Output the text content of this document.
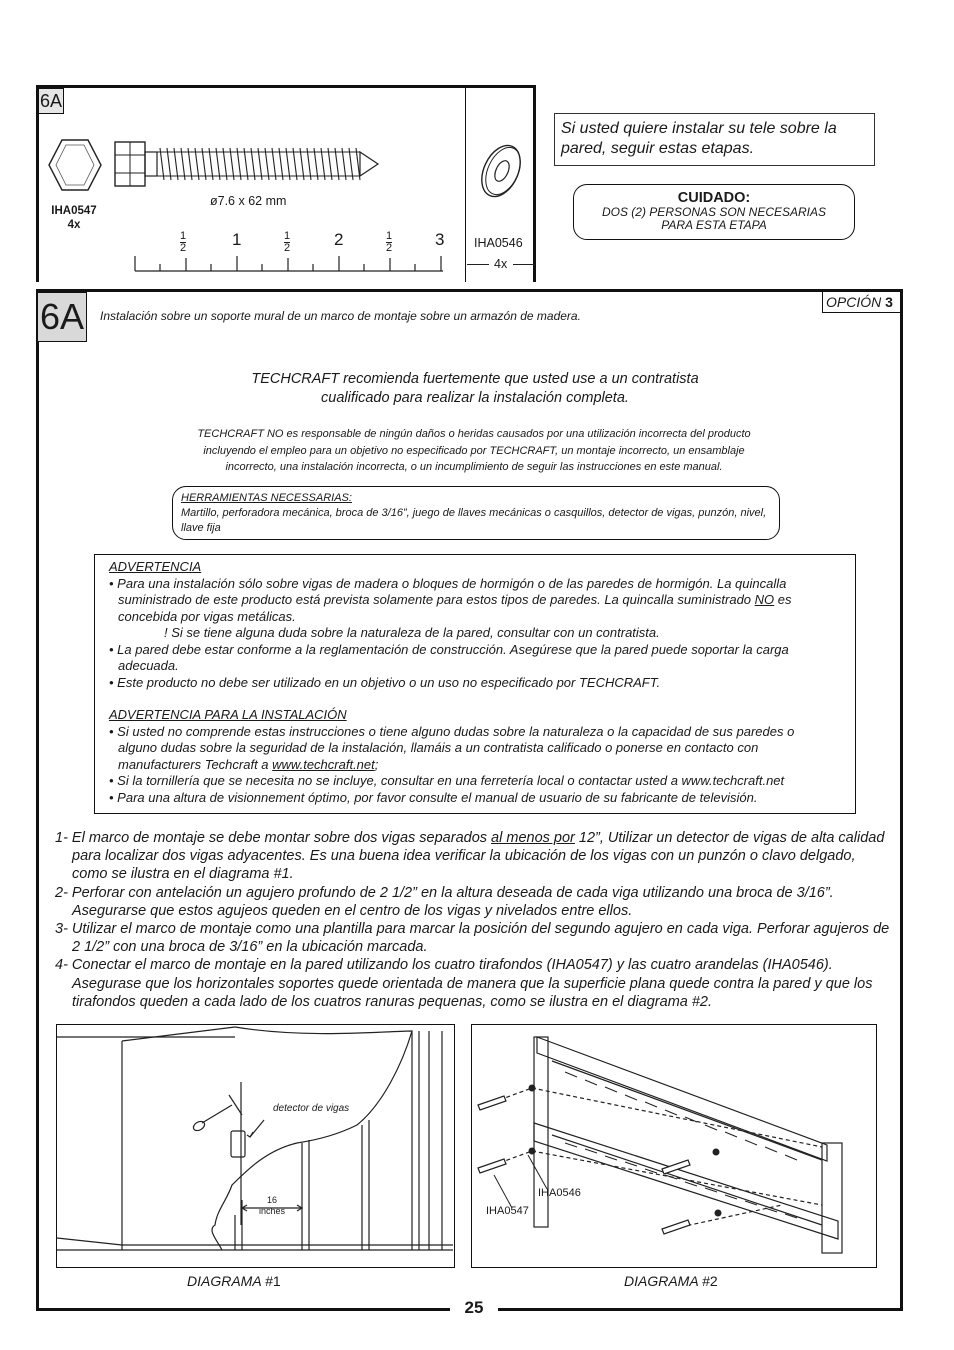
6A
IHA0547
4x
ø7.6 x 62 mm
1
2	1	1
2	2	1
2	3 IHA0546
4x
Si usted quiere instalar su tele sobre la pared, seguir estas etapas.
CUIDADO:
DOS (2) PERSONAS SON NECESARIAS
PARA ESTA ETAPA
6A	OPCIÓN 3
Instalación sobre un soporte mural de un marco de montaje sobre un armazón de madera.
TECHCRAFT recomienda fuertemente que usted use a un contratista
cualificado para realizar la instalación completa.
TECHCRAFT NO es responsable de ningún daños o heridas causados por una utilización incorrecta del producto
incluyendo el empleo para un objetivo no especificado por TECHCRAFT, un montaje incorrecto, un ensamblaje
incorrecto, una instalación incorrecta, o un incumplimiento de seguir las instrucciones en este manual.
HERRAMIENTAS NECESSARIAS:
Martillo, perforadora mecánica, broca de 3/16”, juego de llaves mecánicas o casquillos, detector de vigas, punzón, nivel, llave fija
ADVERTENCIA
• Para una instalación sólo sobre vigas de madera o bloques de hormigón o de las paredes de hormigón. La quincalla
suministrado de este producto está prevista solamente para estos tipos de paredes. La quincalla suministrado NO es
concebida por vigas metálicas.
! Si se tiene alguna duda sobre la naturaleza de la pared, consultar con un contratista.
• La pared debe estar conforme a la reglamentación de construcción. Asegúrese que la pared puede soportar la carga
adecuada.
• Este producto no debe ser utilizado en un objetivo o un uso no especificado por TECHCRAFT.
ADVERTENCIA PARA LA INSTALACIÓN
• Si usted no comprende estas instrucciones o tiene alguno dudas sobre la naturaleza o la capacidad de sus paredes o
alguno dudas sobre la seguridad de la instalación, llamáis a un contratista calificado o ponerse en contacto con
manufacturers Techcraft a www.techcraft.net;
• Si la tornillería que se necesita no se incluye, consultar en una ferretería local o contactar usted a www.techcraft.net
• Para una altura de visionnement óptimo, por favor consulte el manual de usuario de su fabricante de televisión.

1- El marco de montaje se debe montar sobre dos vigas separados al menos por 12”, Utilizar un detector de vigas de alta calidad para localizar dos vigas adyacentes. Es una buena idea verificar la ubicación de los vigas con un punzón o clavo delgado, como se ilustra en el diagrama #1.

2- Perforar con antelación un agujero profundo de 2 1/2” en la altura deseada de cada viga utilizando una broca de 3/16”. Asegurarse que estos agujeos queden en el centro de los vigas y nivelados entre ellos.

3- Utilizar el marco de montaje como una plantilla para marcar la posición del segundo agujero en cada viga. Perforar agujeros de 2 1/2” con una broca de 3/16” en la ubicación marcada.

4- Conectar el marco de montaje en la pared utilizando los cuatro tirafondos (IHA0547) y las cuatro arandelas (IHA0546). Asegurase que los horizontales soportes quede orientada de manera que la superficie plana quede contra la pared y que los tirafondos queden a cada lado de los cuatros ranuras pequenas, como se ilustra en el diagrama #2.

detector de vigas
16
inches
DIAGRAMA #1
IHA0546
IHA0547
DIAGRAMA #2
25
